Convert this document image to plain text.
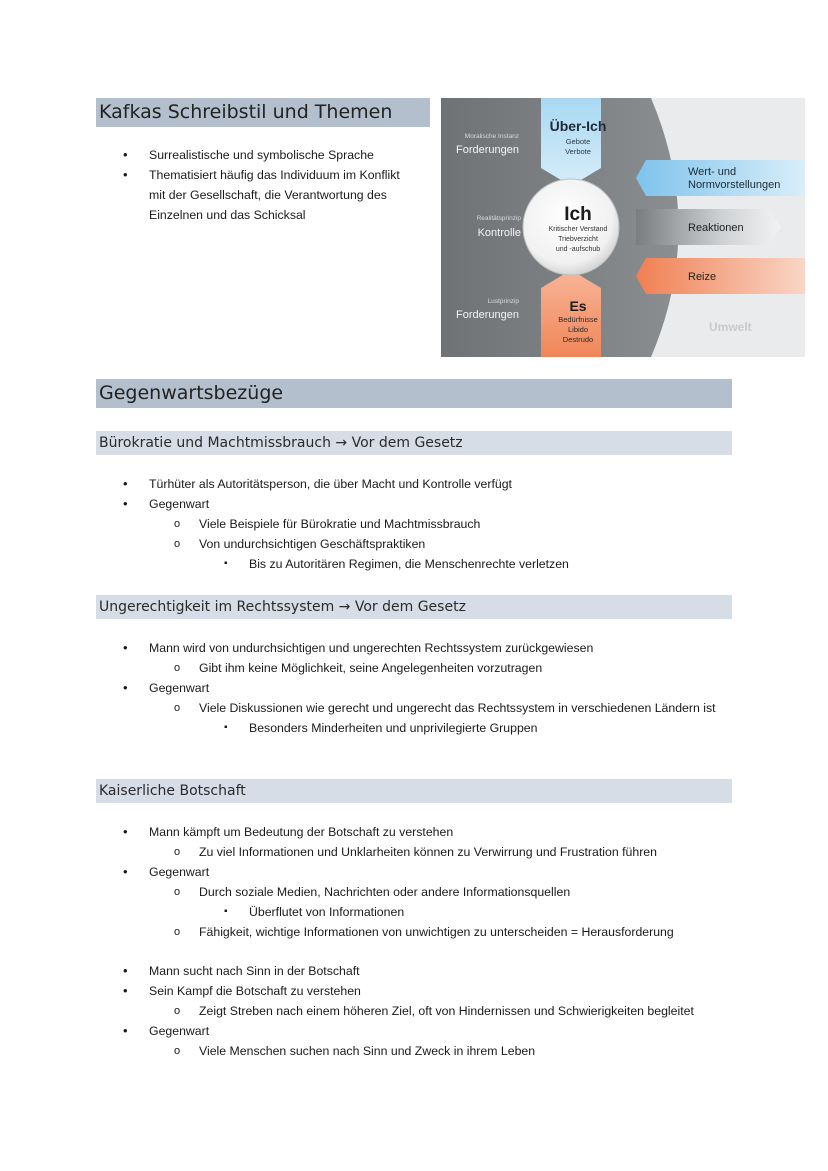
Kafkas Schreibstil und Themen
• Surrealistische und symbolische Sprache
• Thematisiert häufig das Individuum im Konflikt mit der Gesellschaft, die Verantwortung des Einzelnen und das Schicksal
Über-Ich
Gebote
Verbote
Ich
Kritischer Verstand
Triebverzicht
und -aufschub
Es
Bedürfnisse
Libido
Destrudo
Moralische Instanz
Forderungen
Realitätsprinzip
Kontrolle
Lustprinzip
Forderungen
Wert- und
Normvorstellungen
Reaktionen
Reize
Umwelt
Gegenwartsbezüge
Bürokratie und Machtmissbrauch → Vor dem Gesetz
• Türhüter als Autoritätsperson, die über Macht und Kontrolle verfügt
• Gegenwart
o Viele Beispiele für Bürokratie und Machtmissbrauch
o Von undurchsichtigen Geschäftspraktiken
▪ Bis zu Autoritären Regimen, die Menschenrechte verletzen
Ungerechtigkeit im Rechtssystem → Vor dem Gesetz
• Mann wird von undurchsichtigen und ungerechten Rechtssystem zurückgewiesen
o Gibt ihm keine Möglichkeit, seine Angelegenheiten vorzutragen
• Gegenwart
o Viele Diskussionen wie gerecht und ungerecht das Rechtssystem in verschiedenen Ländern ist
▪ Besonders Minderheiten und unprivilegierte Gruppen
Kaiserliche Botschaft
• Mann kämpft um Bedeutung der Botschaft zu verstehen
o Zu viel Informationen und Unklarheiten können zu Verwirrung und Frustration führen
• Gegenwart
o Durch soziale Medien, Nachrichten oder andere Informationsquellen
▪ Überflutet von Informationen
o Fähigkeit, wichtige Informationen von unwichtigen zu unterscheiden = Herausforderung
• Mann sucht nach Sinn in der Botschaft
• Sein Kampf die Botschaft zu verstehen
o Zeigt Streben nach einem höheren Ziel, oft von Hindernissen und Schwierigkeiten begleitet
• Gegenwart
o Viele Menschen suchen nach Sinn und Zweck in ihrem Leben
